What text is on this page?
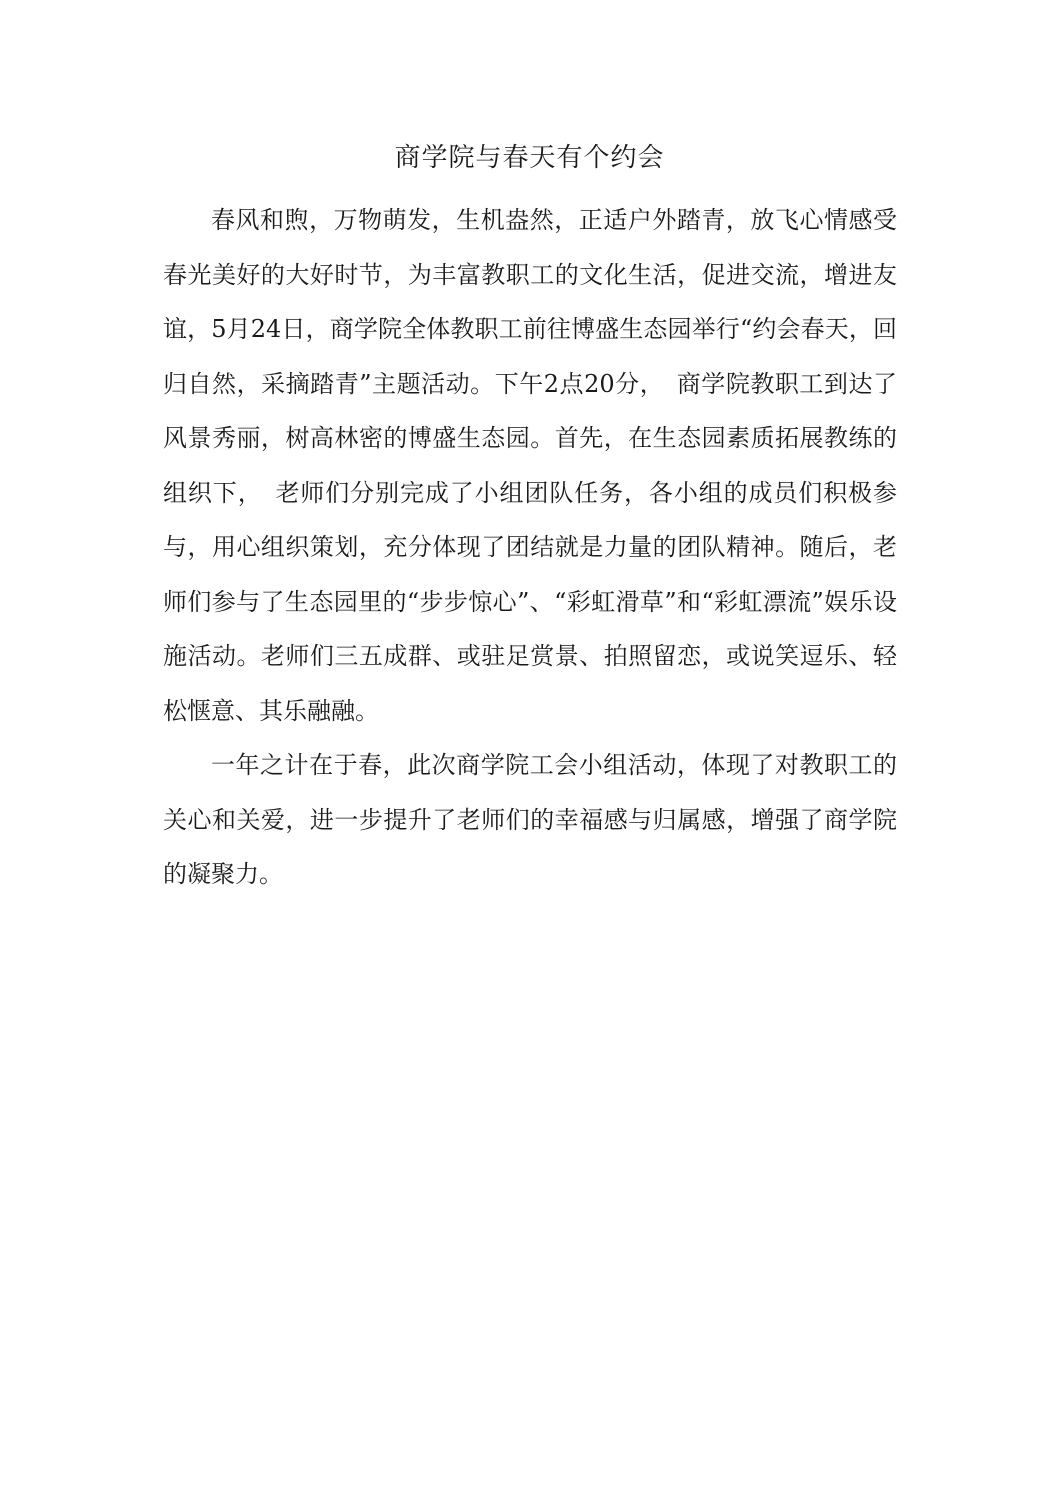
商学院与春天有个约会

春风和煦，万物萌发，生机盎然，正适户外踏青，放飞心情感受春光美好的大好时节，为丰富教职工的文化生活，促进交流，增进友谊，5月24日，商学院全体教职工前往博盛生态园举行“约会春天，回归自然，采摘踏青”主题活动。下午2点20分，　商学院教职工到达了风景秀丽，树高林密的博盛生态园。首先，在生态园素质拓展教练的组织下，　老师们分别完成了小组团队任务，各小组的成员们积极参与，用心组织策划，充分体现了团结就是力量的团队精神。随后，老师们参与了生态园里的“步步惊心”、“彩虹滑草”和“彩虹漂流”娱乐设施活动。老师们三五成群、或驻足赏景、拍照留恋，或说笑逗乐、轻松惬意、其乐融融。

一年之计在于春，此次商学院工会小组活动，体现了对教职工的关心和关爱，进一步提升了老师们的幸福感与归属感，增强了商学院的凝聚力。
